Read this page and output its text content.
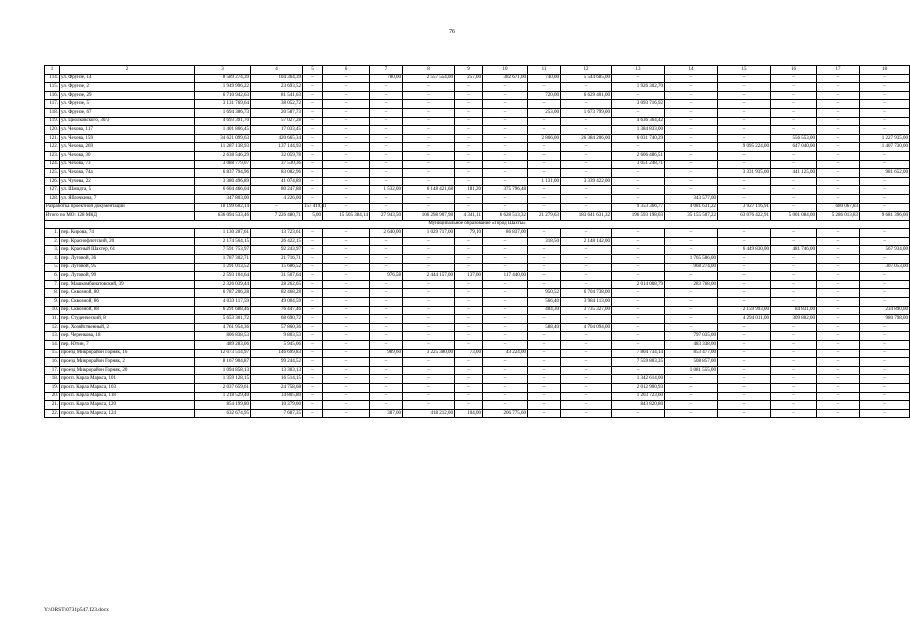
76
1	2	3	4	5	6	7	8	9	10	11	12	13	14	15	16	17	18
114.	ул. Фрунзе, 14	8 589 274,39	104 364,39	–	–	780,00	2 557 554,00	257,00	382 671,00	740,00	5 544 685,00	–	–	–	–	–	–
115.	ул. Фрунзе, 2	1 949 996,22	23 693,52	–	–	–	–	–	–	–	–	1 926 302,70	–	–	–	–	–
116.	ул. Фрунзе, 29	6 710 942,63	81 541,63	–	–	–	–	–	–	720,00	6 629 401,00	–	–	–	–	–	–
117.	ул. Фрунзе, 5	3 131 769,64	38 052,72	–	–	–	–	–	–	–	–	3 093 716,92	–	–	–	–	–
118.	ул. Фрунзе, 67	1 694 386,73	20 587,73	–	–	–	–	–	–	253,00	1 673 799,00	–	–	–	–	–	–
119.	ул. Циолковского, 30/3	4 693 391,70	57 027,28	–	–	–	–	–	–	–	–	4 636 364,42	–	–	–	–	–
120.	ул. Чехова, 117	1 401 866,45	17 033,45	–	–	–	–	–	–	–	–	1 384 833,00	–	–	–	–	–
121.	ул. Чехова, 159	34 621 099,63	420 665,34	–	–	–	–	–	–	2 866,00	26 384 206,00	6 031 740,29	–	–	556 553,00	–	1 227 935,00
122.	ул. Чехова, 269	11 287 138,93	137 144,93	–	–	–	–	–	–	–	–	–	–	9 095 224,00	647 040,00	–	1 407 730,00
123.	ул. Чехова, 30	2 638 546,29	32 059,78	–	–	–	–	–	–	–	–	2 606 486,51	–	–	–	–	–
124.	ул. Чехова, 73	3 088 779,07	37 530,36	–	–	–	–	–	–	–	–	3 051 248,71	–	–	–	–	–
125.	ул. Чехова, 74а	6 837 794,96	83 082,96	–	–	–	–	–	–	–	–	–	–	3 331 935,00	441 125,00	–	981 652,00
126.	ул. Чучева, 22	3 380 496,89	41 074,89	–	–	–	–	–	–	1 131,00	3 339 422,00	–	–	–	–	–	–
127.	ул. Шмидта, 5	6 604 466,04	80 247,88	–	–	1 532,00	6 148 421,68	181,20	375 796,48	–	–	–	–	–	–	–	–
128.	ул. Яблочкина, 7	347 803,00	4 226,00	–	–	–	–	–	–	–	–	–	343 577,00	–	–	–	–
Разработка проектной документации		18 199 602,14	–	157 419,41	–	–	–	–	–	–	–	9 353 366,77	4 081 631,22	3 927 116,91	–	680 067,83	–
Итого по МО: 128 МКД		636 094 533,46	7 226 480,71	5,00	15 505 384,14	27 943,50	106 298 907,98	4 341,11	6 628 513,32	21 279,63	183 641 631,32	196 593 198,03	35 155 507,22	63 076 422,91	5 001 084,00	5 286 013,83	9 681 396,00
Муниципальное образование «Город Шахты»																	
1.	пер. Кирова, 74	1 130 287,61	13 723,61	–	–	2 640,00	1 029 717,00	79,10	86 837,00	–	–	–	–	–	–	–	–
2.	пер. Краснофлотский, 20	2 174 564,15	26 422,15	–	–	–	–	–	–	318,50	2 148 142,00	–	–	–	–	–	–
3.	пер. Красный Шахтер, 61	7 591 753,97	92 243,97	–	–	–	–	–	–	–	–	–	–	6 449 830,00	481 746,00	–	567 934,00
4.	пер. Луговой, 36	1 787 302,71	21 716,71	–	–	–	–	–	–	–	–	–	1 765 586,00	–	–	–	–
5.	пер. Луговой, 95	1 291 013,52	15 686,52	–	–	–	–	–	–	–	–	–	968 274,00	–	–	–	307 053,00
6.	пер. Луговой, 99	2 593 104,64	31 507,64	–	–	976,58	2 444 157,00	137,00	117 440,00	–	–	–	–	–	–	–	–
7.	пер. Машкомбинатовский, 39	2 326 039,44	28 262,65	–	–	–	–	–	–	–	–	2 014 008,79	283 768,00	–	–	–	–
8.	пер. Сквозной, 80	6 787 206,28	82 468,28	–	–	–	–	–	–	950,52	6 704 738,00	–	–	–	–	–	–
9.	пер. Сквозной, 86	4 033 117,59	49 004,59	–	–	–	–	–	–	566,40	3 984 113,00	–	–	–	–	–	–
10.	пер. Сквозной, 88	6 291 688,46	76 447,46	–	–	–	–	–	–	484,30	3 735 327,00	–	–	2 159 993,00	84 831,00	–	234 890,00
11.	пер. Студенческий, 8	5 653 301,72	68 690,72	–	–	–	–	–	–	–	–	–	–	4 294 011,00	309 802,00	–	980 798,00
12.	пер. Хозяйственный, 2	4 761 954,36	57 860,36	–	–	–	–	–	–	588,40	4 704 094,00	–	–	–	–	–	–
13.	пер. Черенкова, 18	806 838,53	9 803,53	–	–	–	–	–	–	–	–	–	797 035,00	–	–	–	–
14.	пер. Ютин, 7	489 283,06	5 945,06	–	–	–	–	–	–	–	–	–	483 338,00	–	–	–	–
15.	проезд Микрорайон Горняк, 16	12 073 514,97	146 699,83	–	–	989,60	3 225 380,00	73,00	43 224,00	–	–	7 804 734,14	853 477,00	–	–	–	–
16.	проезд Микрорайон Горняк, 2	8 167 904,87	99 244,52	–	–	–	–	–	–	–	–	7 559 803,35	508 857,00	–	–	–	–
17.	проезд Микрорайон Горняк, 20	1 094 858,13	13 303,13	–	–	–	–	–	–	–	–	–	1 081 555,00	–	–	–	–
18.	просп. Карла Маркса, 101	1 359 128,15	16 514,15	–	–	–	–	–	–	–	–	1 342 614,00	–	–	–	–	–
19.	просп. Карла Маркса, 103	2 037 659,61	24 758,68	–	–	–	–	–	–	–	–	2 012 900,93	–	–	–	–	–
20.	просп. Карла Маркса, 118	1 218 529,40	14 805,80	–	–	–	–	–	–	–	–	1 203 723,60	–	–	–	–	–
21.	просп. Карла Маркса, 120	854 199,80	10 379,00	–	–	–	–	–	–	–	–	843 820,80	–	–	–	–	–
22.	просп. Карла Маркса, 124	632 674,95	7 687,35	–	–	387,00	418 212,00	104,00	206 775,60	–	–	–	–	–	–	–	–
Y:\ORST\0731p547.f23.docx
